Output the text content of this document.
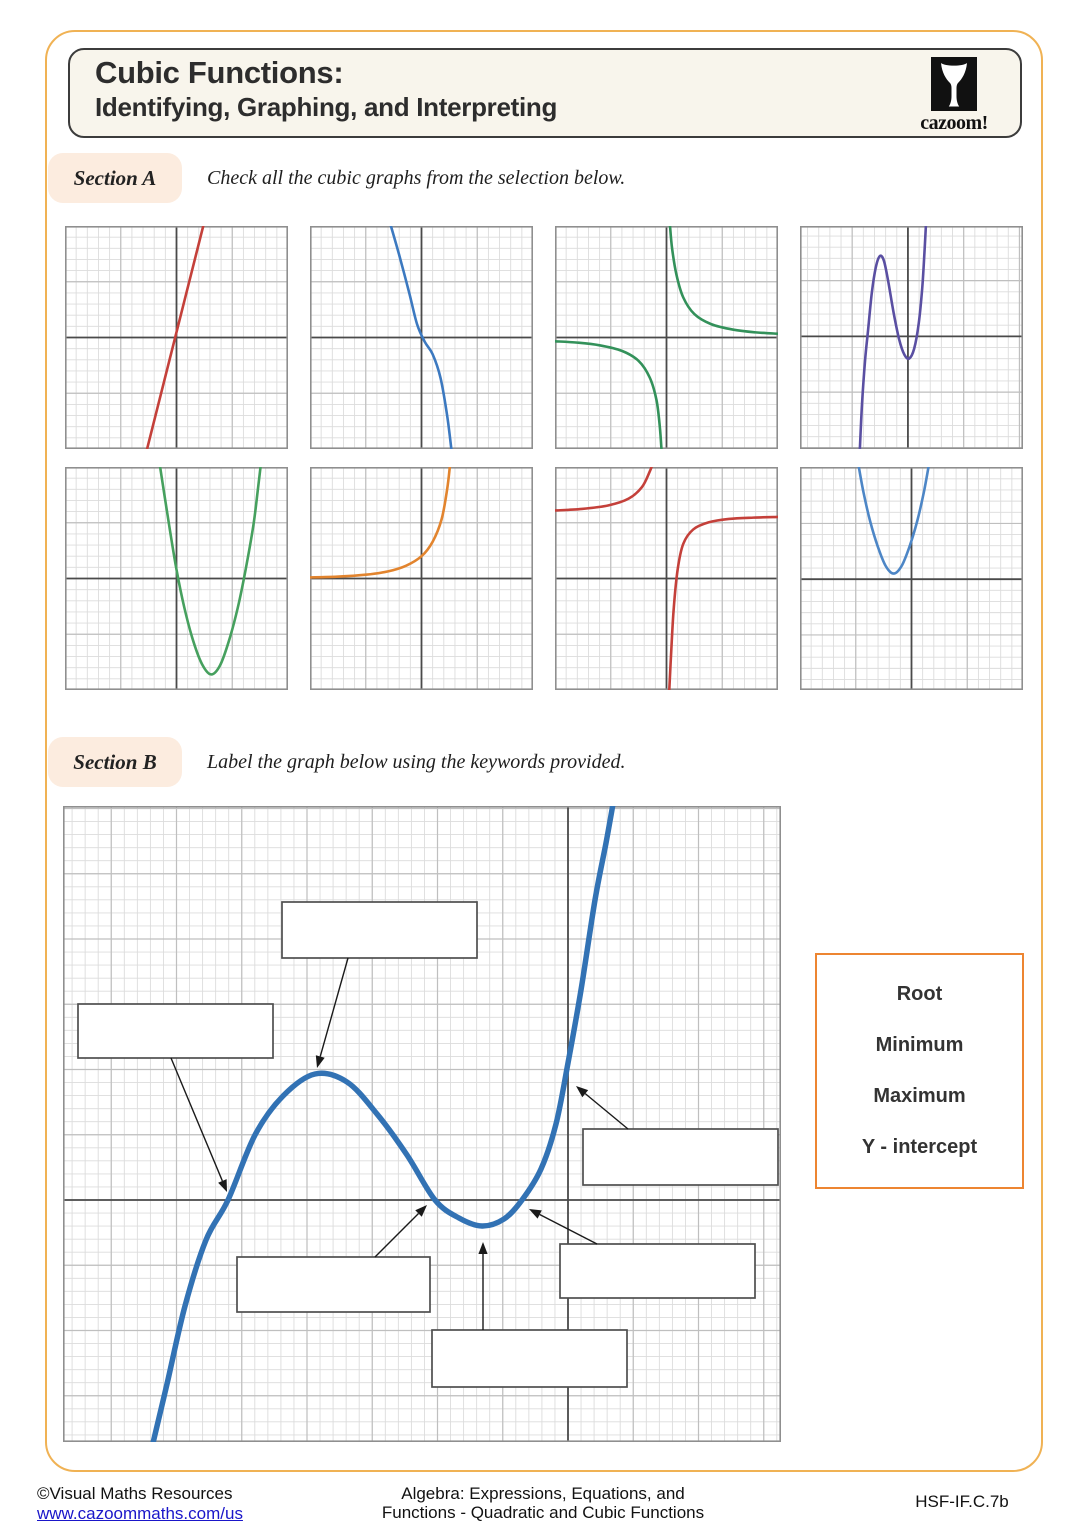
Cubic Functions:
Identifying, Graphing, and Interpreting
cazoom!
Section A	Check all the cubic graphs from the selection below.
Section B	Label the graph below using the keywords provided.
Root
Minimum
Maximum
Y - intercept
©Visual Maths Resources
www.cazoommaths.com/us
Algebra: Expressions, Equations, and
Functions - Quadratic and Cubic Functions
HSF-IF.C.7b
